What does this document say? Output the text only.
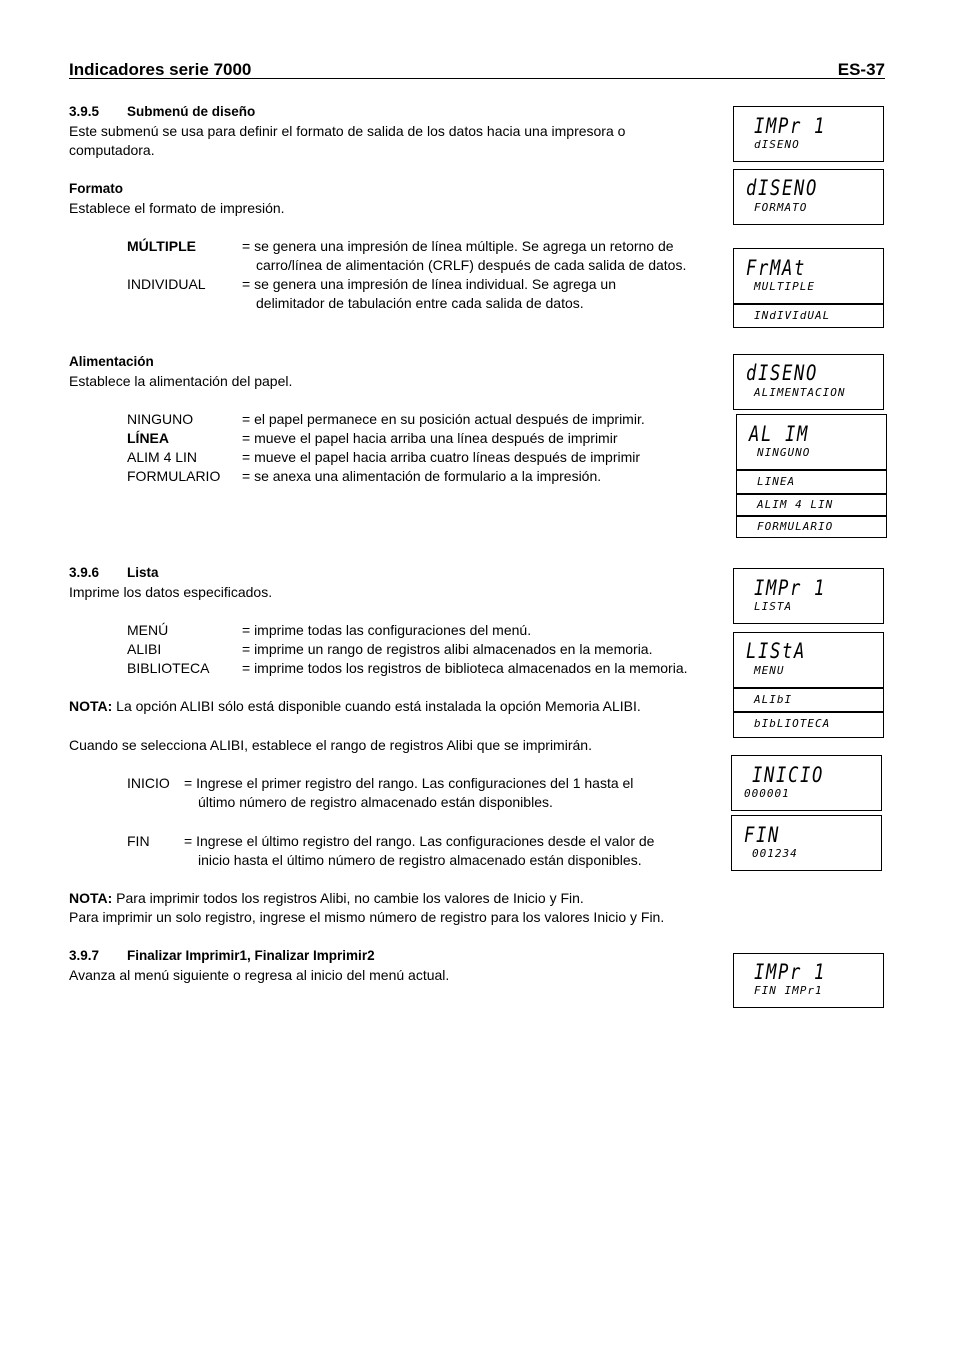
Indicadores serie 7000	ES-37
3.9.5 Submenú de diseño
Este submenú se usa para definir el formato de salida de los datos hacia una impresora o
computadora.
Formato
Establece el formato de impresión.
MÚLTIPLE	= se genera una impresión de línea múltiple. Se agrega un retorno de
carro/línea de alimentación (CRLF) después de cada salida de datos.
INDIVIDUAL	= se genera una impresión de línea individual. Se agrega un
delimitador de tabulación entre cada salida de datos.
Alimentación
Establece la alimentación del papel.
NINGUNO	= el papel permanece en su posición actual después de imprimir.
LÍNEA	= mueve el papel hacia arriba una línea después de imprimir
ALIM 4 LIN	= mueve el papel hacia arriba cuatro líneas después de imprimir
FORMULARIO = se anexa una alimentación de formulario a la impresión.
3.9.6 Lista
Imprime los datos especificados.
MENÚ	= imprime todas las configuraciones del menú.
ALIBI	= imprime un rango de registros alibi almacenados en la memoria.
BIBLIOTECA = imprime todos los registros de biblioteca almacenados en la memoria.
NOTA: La opción ALIBI sólo está disponible cuando está instalada la opción Memoria ALIBI.
Cuando se selecciona ALIBI, establece el rango de registros Alibi que se imprimirán.
INICIO = Ingrese el primer registro del rango. Las configuraciones del 1 hasta el
último número de registro almacenado están disponibles.
FIN = Ingrese el último registro del rango. Las configuraciones desde el valor de
inicio hasta el último número de registro almacenado están disponibles.
NOTA: Para imprimir todos los registros Alibi, no cambie los valores de Inicio y Fin.
Para imprimir un solo registro, ingrese el mismo número de registro para los valores Inicio y Fin.
3.9.7 Finalizar Imprimir1, Finalizar Imprimir2
Avanza al menú siguiente o regresa al inicio del menú actual.
IMPr 1
dISENO
dISENO
FORMATO
FrMAt
MULTIPLE
INdIVIdUAL
dISENO
ALIMENTACION
AL IM
NINGUNO
LINEA
ALIM 4 LIN
FORMULARIO
IMPr 1
LISTA
LIStA
MENU
ALIbI
bIbLIOTECA
INICIO
000001
FIN
001234
IMPr 1
FIN IMPr1
